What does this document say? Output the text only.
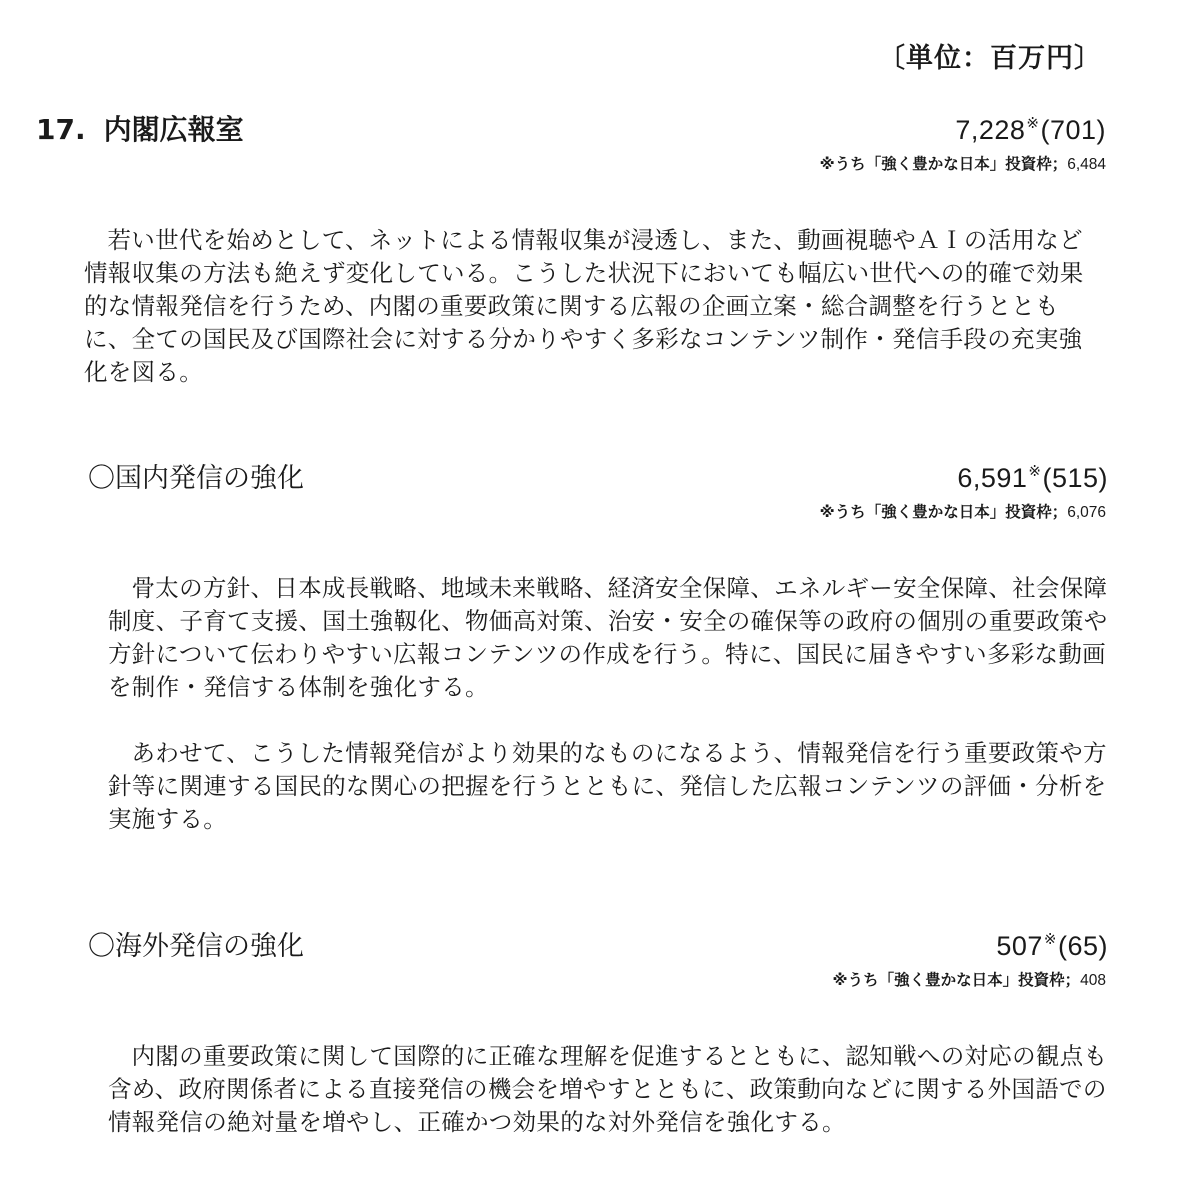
〔単位：百万円〕
17. 内閣広報室	7,228※(701)
※うち「強く豊かな日本」投資枠；6,484

若い世代を始めとして、ネットによる情報収集が浸透し、また、動画視聴やＡＩの活用など情報収集の方法も絶えず変化している。こうした状況下においても幅広い世代への的確で効果的な情報発信を行うため、内閣の重要政策に関する広報の企画立案・総合調整を行うとともに、全ての国民及び国際社会に対する分かりやすく多彩なコンテンツ制作・発信手段の充実強化を図る。

〇国内発信の強化	6,591※(515)
※うち「強く豊かな日本」投資枠；6,076

骨太の方針、日本成長戦略、地域未来戦略、経済安全保障、エネルギー安全保障、社会保障制度、子育て支援、国土強靱化、物価高対策、治安・安全の確保等の政府の個別の重要政策や方針について伝わりやすい広報コンテンツの作成を行う。特に、国民に届きやすい多彩な動画を制作・発信する体制を強化する。

あわせて、こうした情報発信がより効果的なものになるよう、情報発信を行う重要政策や方針等に関連する国民的な関心の把握を行うとともに、発信した広報コンテンツの評価・分析を実施する。

〇海外発信の強化	507※(65)
※うち「強く豊かな日本」投資枠；408

内閣の重要政策に関して国際的に正確な理解を促進するとともに、認知戦への対応の観点も含め、政府関係者による直接発信の機会を増やすとともに、政策動向などに関する外国語での情報発信の絶対量を増やし、正確かつ効果的な対外発信を強化する。
